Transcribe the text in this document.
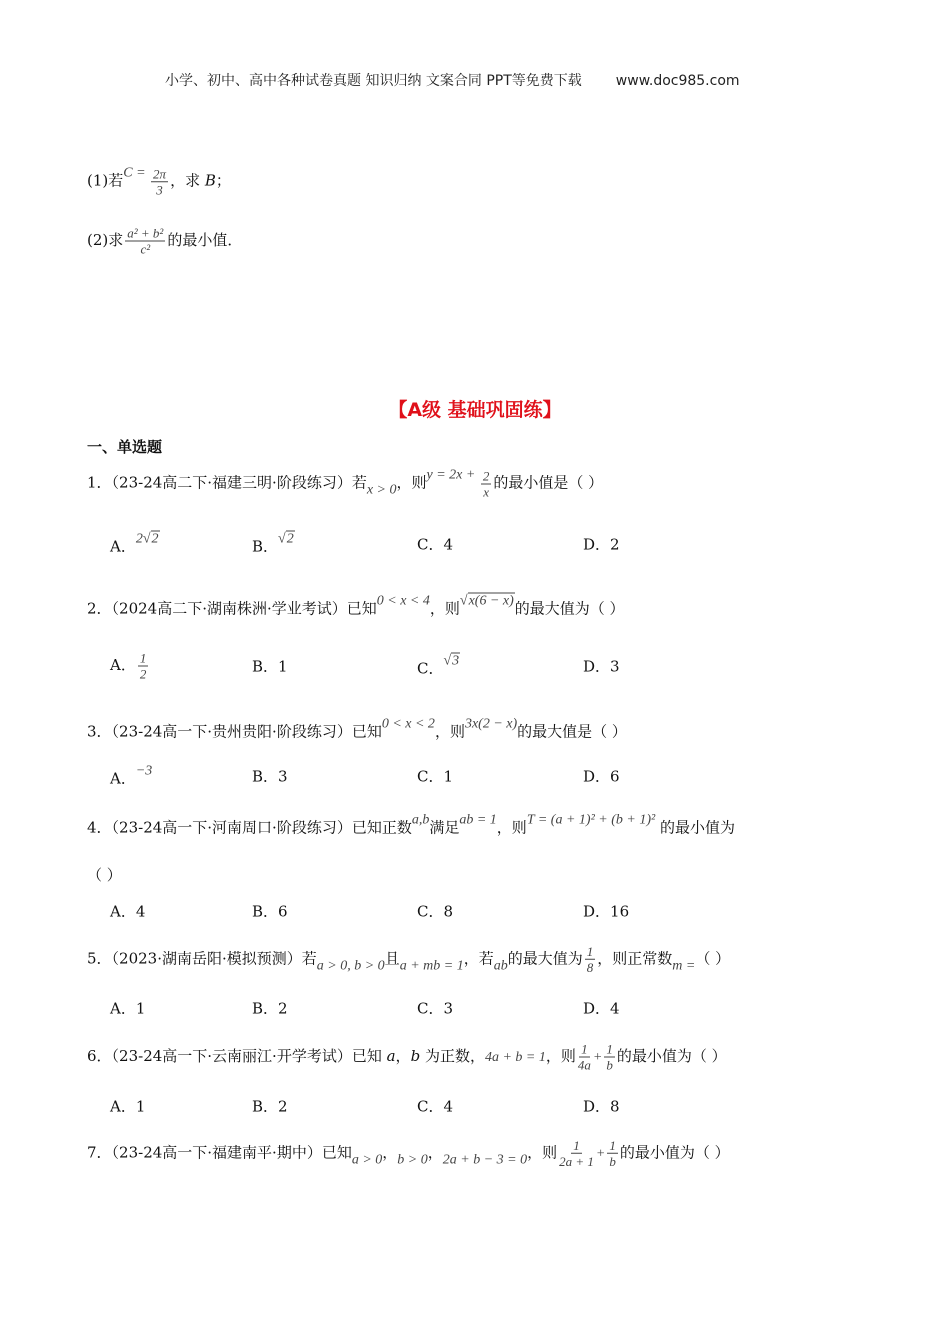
小学、初中、高中各种试卷真题 知识归纳 文案合同 PPT等免费下载 www.doc985.com
(1)若$C = \frac{2\pi}{3}$ ，求 B；
(2)求 $\frac{\text{a² + b²}}{\text{c²}}$ 的最小值．
【A级 基础巩固练】
一、单选题
1．（23-24高二下·福建三明·阶段练习）若x > 0，则$y = 2x + \frac{2}{x}$ 的最小值是（ ）
A．2√2	B．√2	C．4	D．2
2．（2024高二下·湖南株洲·学业考试）已知0 < x < 4，则√x(6 − x)的最大值为（ ）
A． $\frac{1}{2}$	B．1	C．√3	D．3
3．（23-24高一下·贵州贵阳·阶段练习）已知0 < x < 2，则3x(2 − x)的最大值是（ ）
A．−3	B．3	C．1	D．6
4．（23-24高一下·河南周口·阶段练习）已知正数a,b满足ab = 1，则T = (a + 1)² + (b + 1)² 的最小值为
（ ）
A．4	B．6	C．8	D．16
5．（2023·湖南岳阳·模拟预测）若a > 0, b > 0且a + mb = 1，若ab的最大值为 $\frac{1}{8}$ ，则正常数m =（ ）
A．1	B．2	C．3	D．4
6．（23-24高一下·云南丽江·开学考试）已知 a，b 为正数，4a + b = 1，则 $\frac{1}{4a} + \frac{1}{b}$ 的最小值为（ ）
A．1	B．2	C．4	D．8
7．（23-24高一下·福建南平·期中）已知a > 0，b > 0，2a + b − 3 = 0，则 $\frac{1}{2a + 1} + \frac{1}{b}$ 的最小值为（ ）
